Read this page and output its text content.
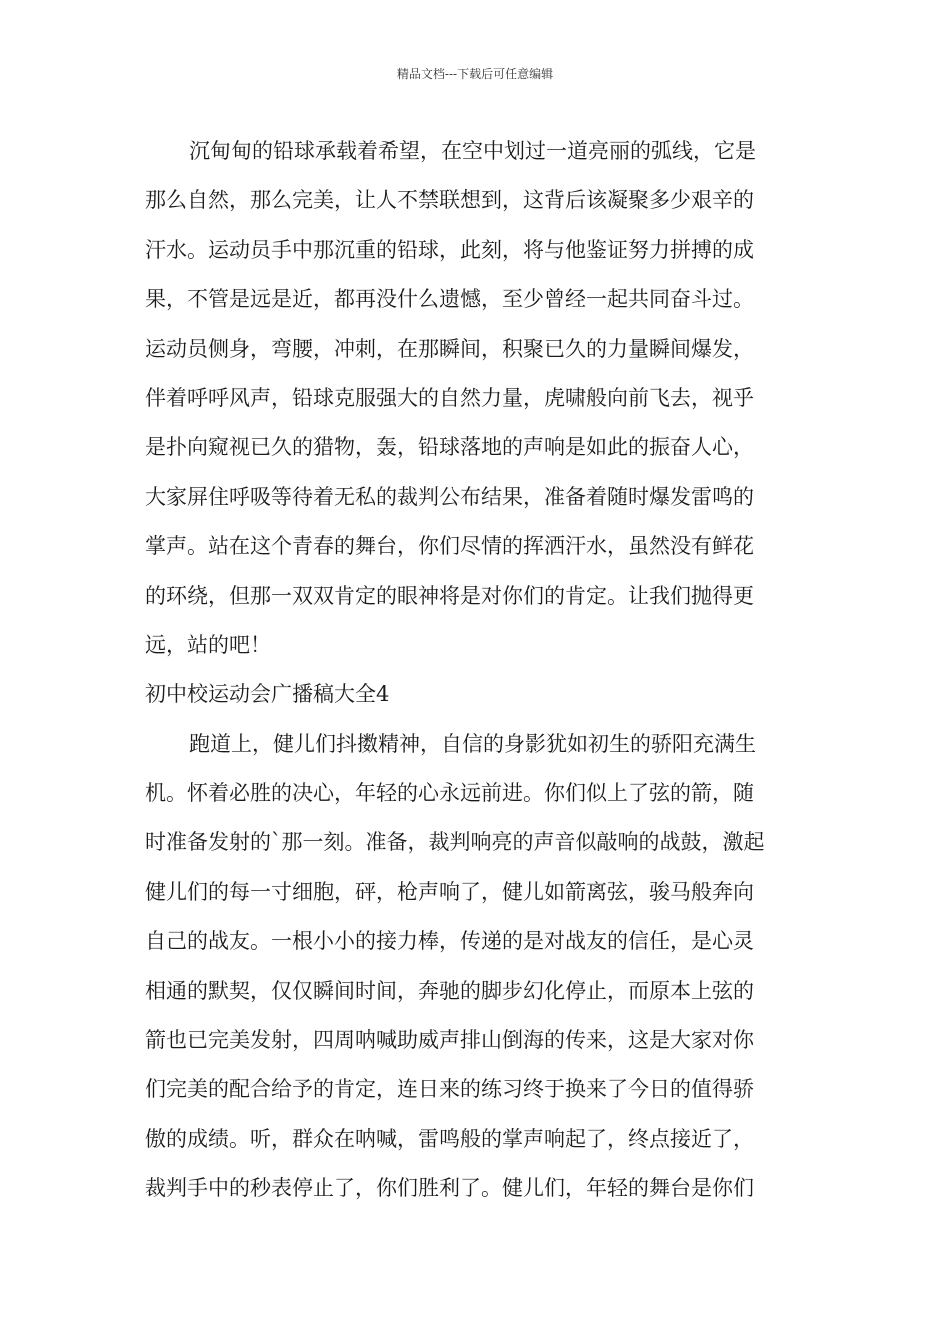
精品文档---下载后可任意编辑
沉甸甸的铅球承载着希望，在空中划过一道亮丽的弧线，它是
那么自然，那么完美，让人不禁联想到，这背后该凝聚多少艰辛的
汗水。运动员手中那沉重的铅球，此刻，将与他鉴证努力拼搏的成
果，不管是远是近，都再没什么遗憾，至少曾经一起共同奋斗过。
运动员侧身，弯腰，冲刺，在那瞬间，积聚已久的力量瞬间爆发，
伴着呼呼风声，铅球克服强大的自然力量，虎啸般向前飞去，视乎
是扑向窥视已久的猎物，轰，铅球落地的声响是如此的振奋人心，
大家屏住呼吸等待着无私的裁判公布结果，准备着随时爆发雷鸣的
掌声。站在这个青春的舞台，你们尽情的挥洒汗水，虽然没有鲜花
的环绕，但那一双双肯定的眼神将是对你们的肯定。让我们抛得更
远，站的吧！
初中校运动会广播稿大全4
跑道上，健儿们抖擞精神，自信的身影犹如初生的骄阳充满生
机。怀着必胜的决心，年轻的心永远前进。你们似上了弦的箭，随
时准备发射的`那一刻。准备，裁判响亮的声音似敲响的战鼓，激起
健儿们的每一寸细胞，砰，枪声响了，健儿如箭离弦，骏马般奔向
自己的战友。一根小小的接力棒，传递的是对战友的信任，是心灵
相通的默契，仅仅瞬间时间，奔驰的脚步幻化停止，而原本上弦的
箭也已完美发射，四周呐喊助威声排山倒海的传来，这是大家对你
们完美的配合给予的肯定，连日来的练习终于换来了今日的值得骄
傲的成绩。听，群众在呐喊，雷鸣般的掌声响起了，终点接近了，
裁判手中的秒表停止了，你们胜利了。健儿们，年轻的舞台是你们
